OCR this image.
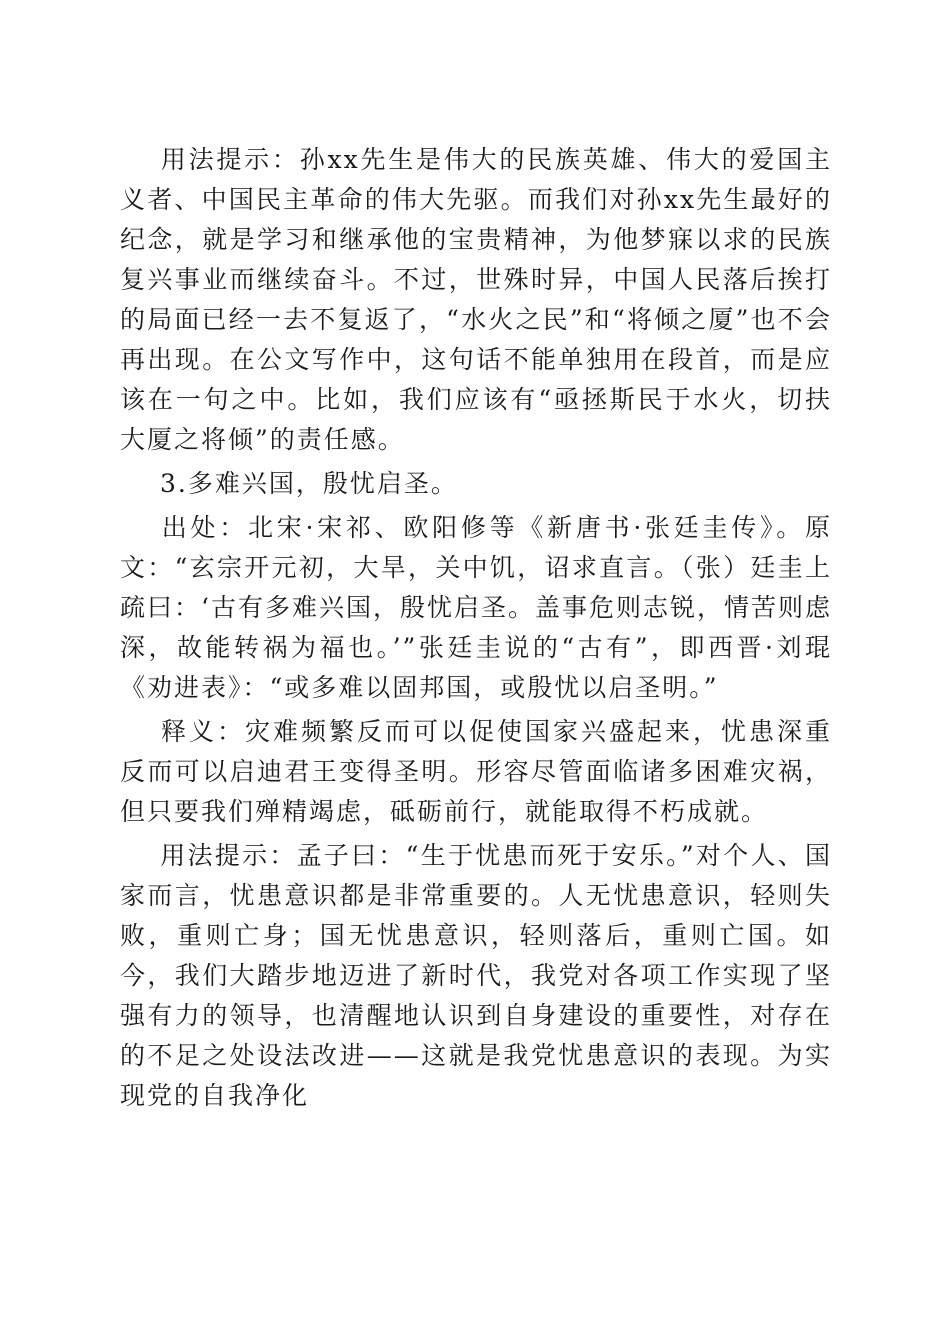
用法提示：孙xx先生是伟大的民族英雄、伟大的爱国主义者、中国民主革命的伟大先驱。而我们对孙xx先生最好的纪念，就是学习和继承他的宝贵精神，为他梦寐以求的民族复兴事业而继续奋斗。不过，世殊时异，中国人民落后挨打的局面已经一去不复返了，“水火之民”和“将倾之厦”也不会再出现。在公文写作中，这句话不能单独用在段首，而是应该在一句之中。比如，我们应该有“亟拯斯民于水火，切扶大厦之将倾”的责任感。

3.多难兴国，殷忧启圣。

出处：北宋·宋祁、欧阳修等《新唐书·张廷圭传》。原文：“玄宗开元初，大旱，关中饥，诏求直言。（张）廷圭上疏曰：‘古有多难兴国，殷忧启圣。盖事危则志锐，情苦则虑深，故能转祸为福也。’”张廷圭说的“古有”，即西晋·刘琨《劝进表》：“或多难以固邦国，或殷忧以启圣明。”

释义：灾难频繁反而可以促使国家兴盛起来，忧患深重反而可以启迪君王变得圣明。形容尽管面临诸多困难灾祸，但只要我们殚精竭虑，砥砺前行，就能取得不朽成就。

用法提示：孟子曰：“生于忧患而死于安乐。”对个人、国家而言，忧患意识都是非常重要的。人无忧患意识，轻则失败，重则亡身；国无忧患意识，轻则落后，重则亡国。如今，我们大踏步地迈进了新时代，我党对各项工作实现了坚强有力的领导，也清醒地认识到自身建设的重要性，对存在的不足之处设法改进——这就是我党忧患意识的表现。为实现党的自我净化
